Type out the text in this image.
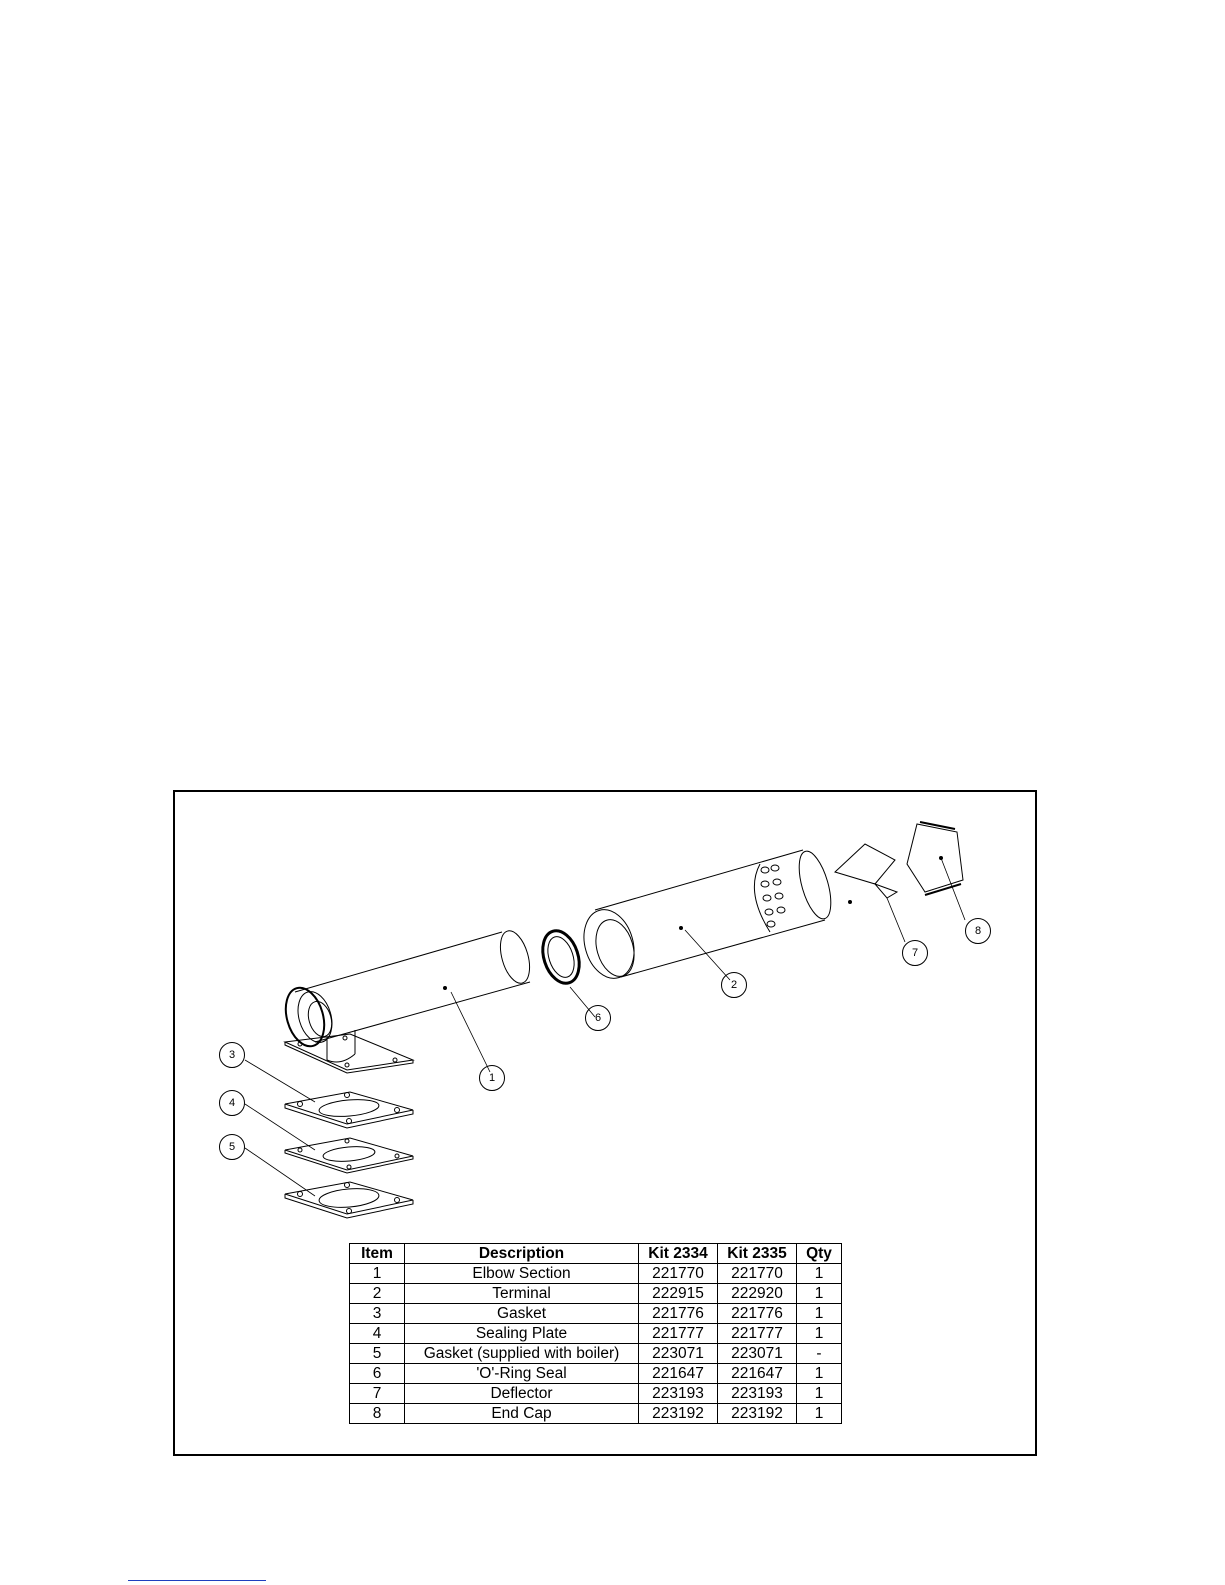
1
2
3
4
5
6
7
8
Item	Description	Kit 2334	Kit 2335	Qty
1	Elbow Section	221770	221770	1
2	Terminal	222915	222920	1
3	Gasket	221776	221776	1
4	Sealing Plate	221777	221777	1
5	Gasket (supplied with boiler)	223071	223071	-
6	'O'-Ring Seal	221647	221647	1
7	Deflector	223193	223193	1
8	End Cap	223192	223192	1
